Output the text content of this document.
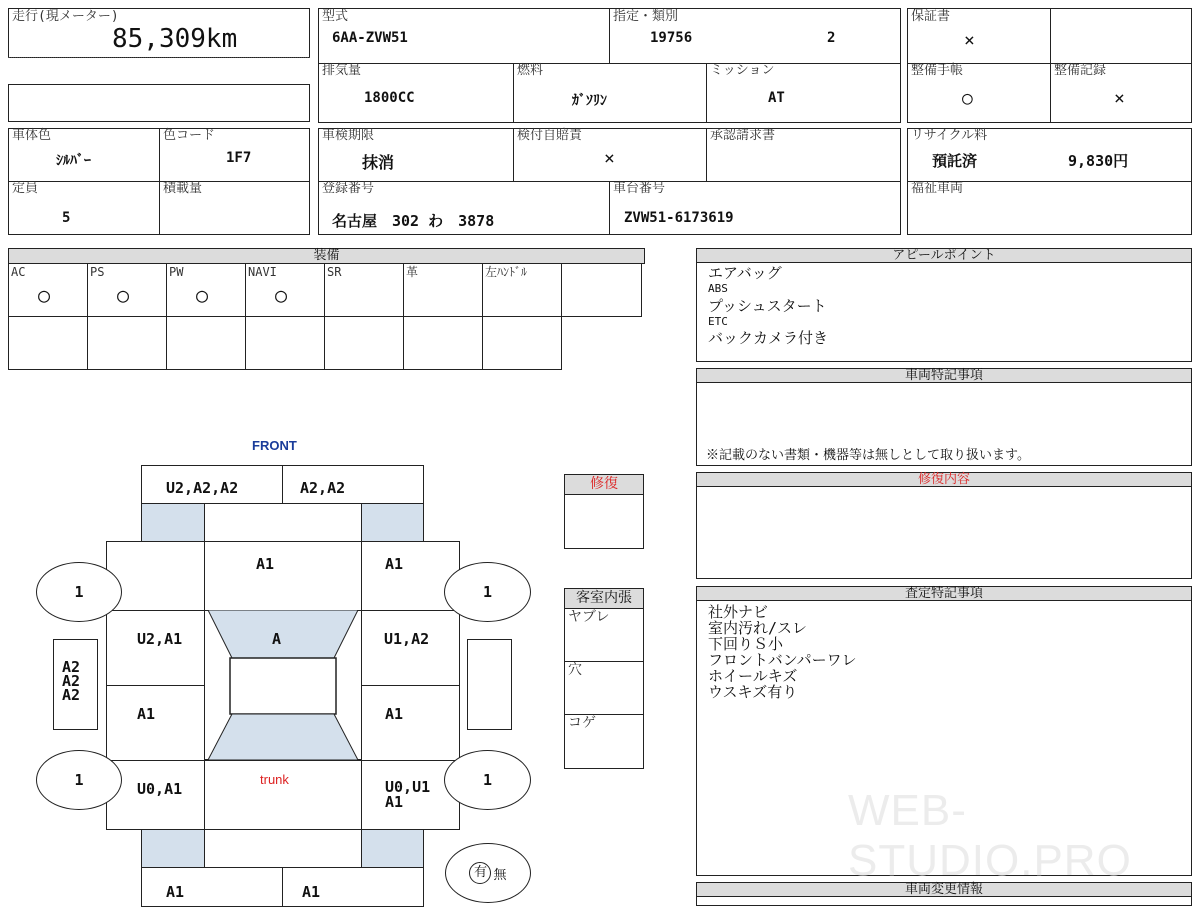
走行(現メーター)
85,309km
型式
6AA-ZVW51
指定・類別
19756	2
排気量
1800CC
燃料
ｶﾞｿﾘﾝ
ミッション
AT
保証書
×
整備手帳
○
整備記録
×
車体色
ｼﾙﾊﾞｰ
色コード
1F7
定員
5
積載量
車検期限
抹消
検付自賠責
×
承認請求書
登録番号
名古屋　302 わ　3878
車台番号
ZVW51-6173619
リサイクル料
預託済	9,830円
福祉車両
装備
AC
○
PS
○
PW
○
NAVI
○
SR	革	左ﾊﾝﾄﾞﾙ
アピールポイント
エアバッグ
ABS
プッシュスタート
ETC
バックカメラ付き
車両特記事項
※記載のない書類・機器等は無しとして取り扱います。
修復内容
査定特記事項
社外ナビ
室内汚れ/スレ
下回りＳ小
フロントバンパーワレ
ホイールキズ
ウスキズ有り
車両変更情報
WEB-STUDIO.PRO
修復
客室内張
ヤブレ
穴
コゲ
FRONT
U2,A2,A2	A2,A2
A1	A1
U2,A1	U1,A2
A1	A1
A
U0,A1
trunk	U0,U1
A1
A1	A1
1	1
1	1
A2
A2
A2
有 無
